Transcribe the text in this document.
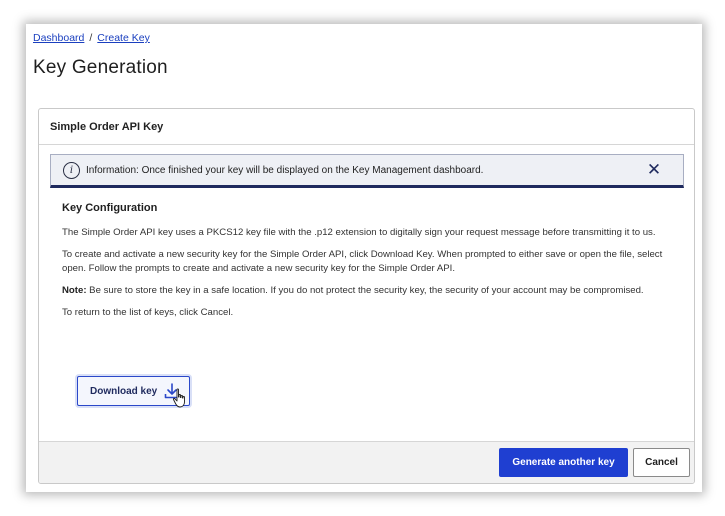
Dashboard / Create Key
Key Generation
Simple Order API Key
i	Information: Once finished your key will be displayed on the Key Management dashboard.	✕
Key Configuration

The Simple Order API key uses a PKCS12 key file with the .p12 extension to digitally sign your request message before transmitting it to us.

To create and activate a new security key for the Simple Order API, click Download Key. When prompted to either save or open the file, select open. Follow the prompts to create and activate a new security key for the Simple Order API.

Note: Be sure to store the key in a safe location. If you do not protect the security key, the security of your account may be compromised.

To return to the list of keys, click Cancel.

Download key
Generate another key	Cancel
